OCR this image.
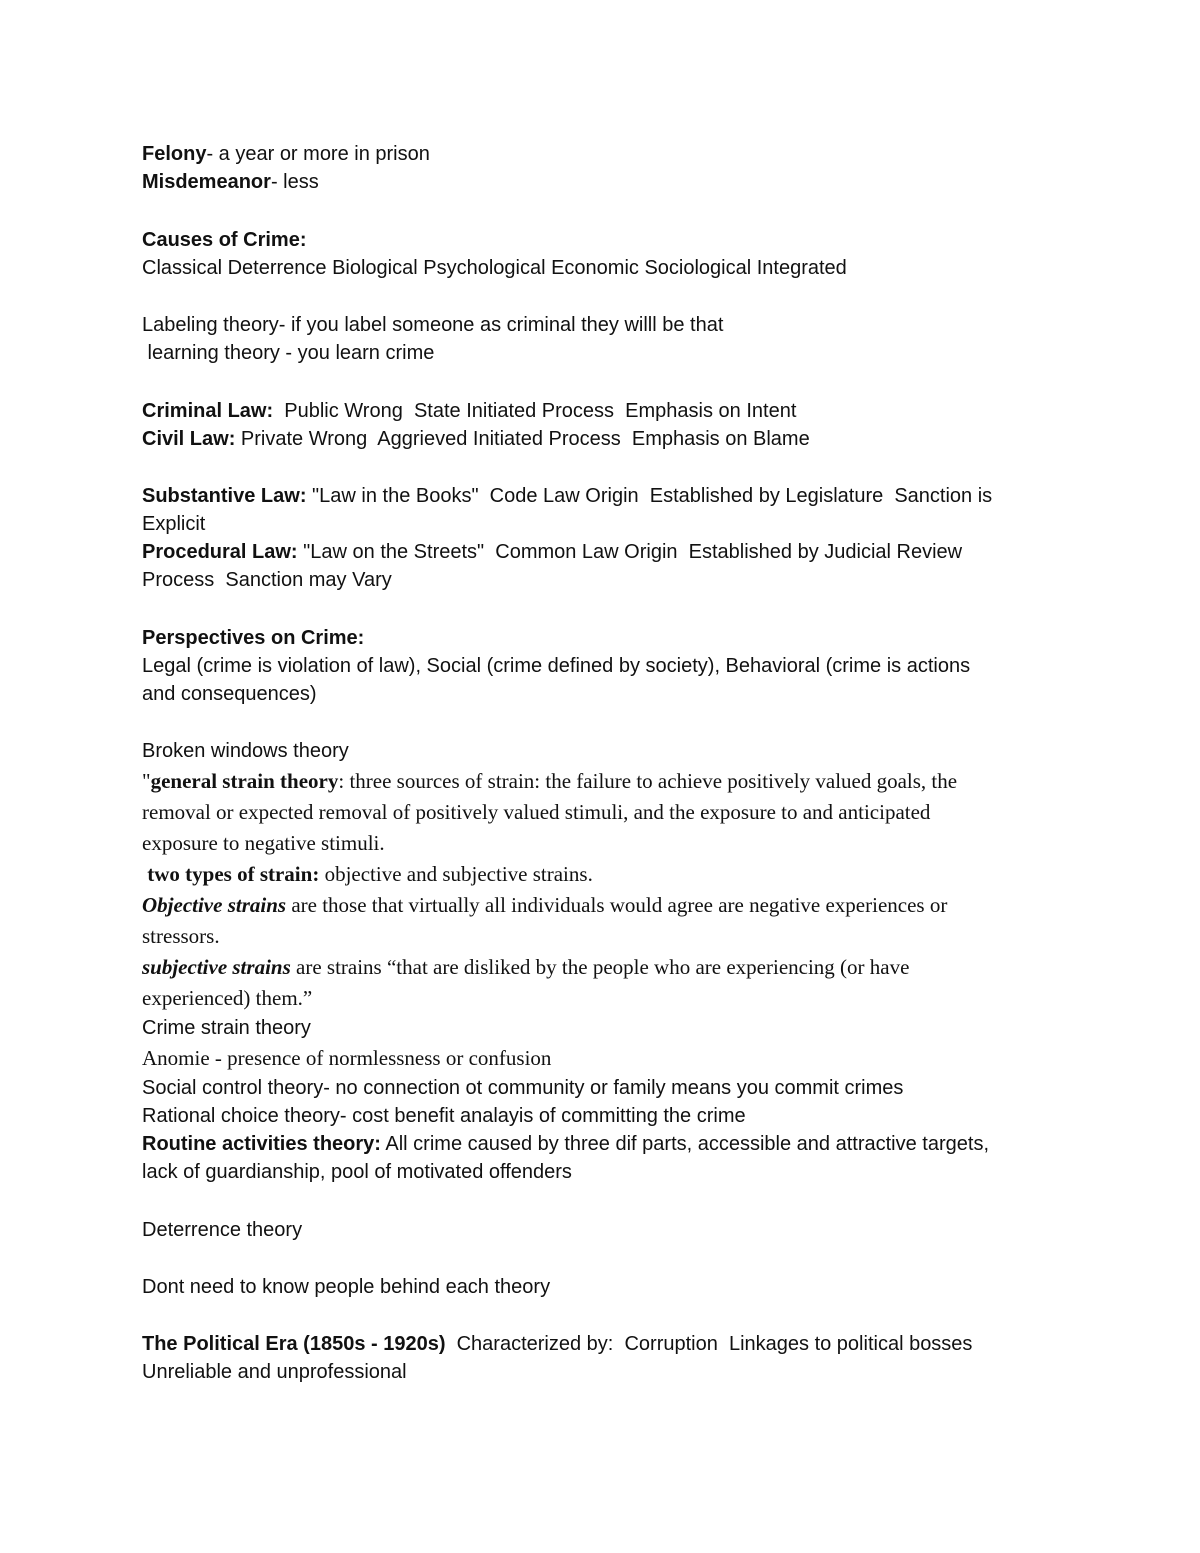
Felony- a year or more in prison
Misdemeanor- less
Causes of Crime:
Classical Deterrence Biological Psychological Economic Sociological Integrated
Labeling theory- if you label someone as criminal they willl be that
learning theory - you learn crime
Criminal Law:  Public Wrong  State Initiated Process  Emphasis on Intent
Civil Law: Private Wrong  Aggrieved Initiated Process  Emphasis on Blame
Substantive Law: "Law in the Books"  Code Law Origin  Established by Legislature  Sanction is
Explicit
Procedural Law: "Law on the Streets"  Common Law Origin  Established by Judicial Review
Process  Sanction may Vary
Perspectives on Crime:
Legal (crime is violation of law), Social (crime defined by society), Behavioral (crime is actions
and consequences)
Broken windows theory
"general strain theory: three sources of strain: the failure to achieve positively valued goals, the
removal or expected removal of positively valued stimuli, and the exposure to and anticipated
exposure to negative stimuli.
two types of strain: objective and subjective strains.
Objective strains are those that virtually all individuals would agree are negative experiences or
stressors.
subjective strains are strains “that are disliked by the people who are experiencing (or have
experienced) them.”
Crime strain theory
Anomie - presence of normlessness or confusion
Social control theory- no connection ot community or family means you commit crimes
Rational choice theory- cost benefit analayis of committing the crime
Routine activities theory: All crime caused by three dif parts, accessible and attractive targets,
lack of guardianship, pool of motivated offenders
Deterrence theory
Dont need to know people behind each theory
The Political Era (1850s - 1920s)  Characterized by:  Corruption  Linkages to political bosses
Unreliable and unprofessional
